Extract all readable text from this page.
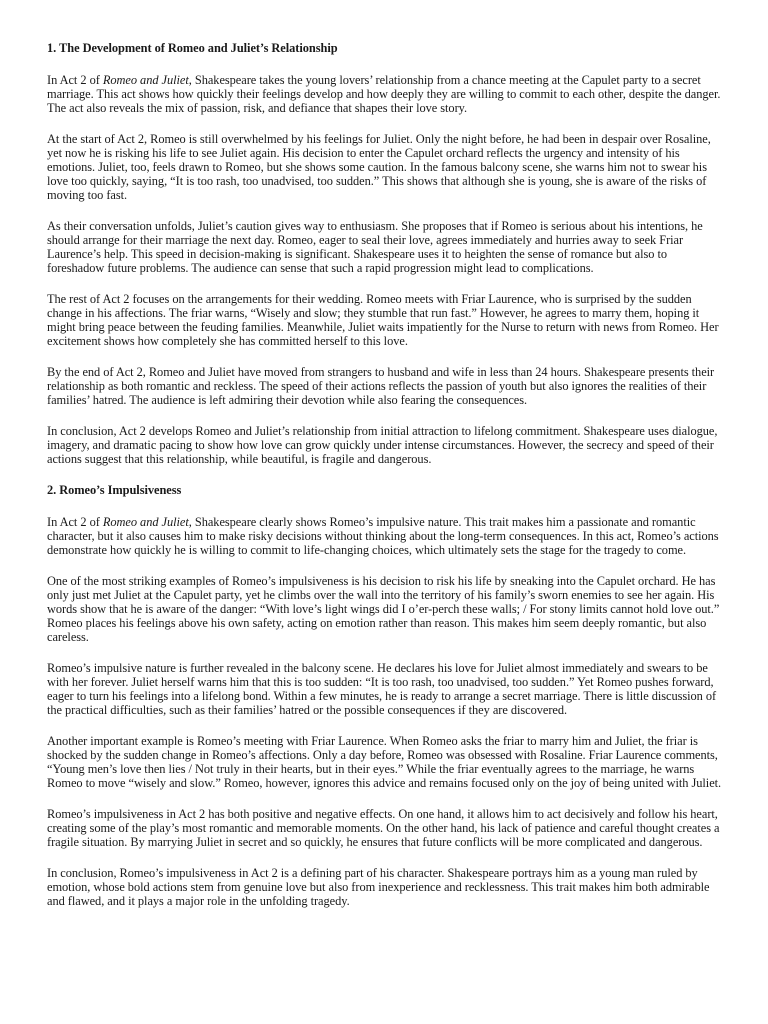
1. The Development of Romeo and Juliet’s Relationship

In Act 2 of Romeo and Juliet, Shakespeare takes the young lovers’ relationship from a chance meeting at the Capulet party to a secret marriage. This act shows how quickly their feelings develop and how deeply they are willing to commit to each other, despite the danger. The act also reveals the mix of passion, risk, and defiance that shapes their love story.

At the start of Act 2, Romeo is still overwhelmed by his feelings for Juliet. Only the night before, he had been in despair over Rosaline, yet now he is risking his life to see Juliet again. His decision to enter the Capulet orchard reflects the urgency and intensity of his emotions. Juliet, too, feels drawn to Romeo, but she shows some caution. In the famous balcony scene, she warns him not to swear his love too quickly, saying, “It is too rash, too unadvised, too sudden.” This shows that although she is young, she is aware of the risks of moving too fast.

As their conversation unfolds, Juliet’s caution gives way to enthusiasm. She proposes that if Romeo is serious about his intentions, he should arrange for their marriage the next day. Romeo, eager to seal their love, agrees immediately and hurries away to seek Friar Laurence’s help. This speed in decision-making is significant. Shakespeare uses it to heighten the sense of romance but also to foreshadow future problems. The audience can sense that such a rapid progression might lead to complications.

The rest of Act 2 focuses on the arrangements for their wedding. Romeo meets with Friar Laurence, who is surprised by the sudden change in his affections. The friar warns, “Wisely and slow; they stumble that run fast.” However, he agrees to marry them, hoping it might bring peace between the feuding families. Meanwhile, Juliet waits impatiently for the Nurse to return with news from Romeo. Her excitement shows how completely she has committed herself to this love.

By the end of Act 2, Romeo and Juliet have moved from strangers to husband and wife in less than 24 hours. Shakespeare presents their relationship as both romantic and reckless. The speed of their actions reflects the passion of youth but also ignores the realities of their families’ hatred. The audience is left admiring their devotion while also fearing the consequences.

In conclusion, Act 2 develops Romeo and Juliet’s relationship from initial attraction to lifelong commitment. Shakespeare uses dialogue, imagery, and dramatic pacing to show how love can grow quickly under intense circumstances. However, the secrecy and speed of their actions suggest that this relationship, while beautiful, is fragile and dangerous.

2. Romeo’s Impulsiveness

In Act 2 of Romeo and Juliet, Shakespeare clearly shows Romeo’s impulsive nature. This trait makes him a passionate and romantic character, but it also causes him to make risky decisions without thinking about the long-term consequences. In this act, Romeo’s actions demonstrate how quickly he is willing to commit to life-changing choices, which ultimately sets the stage for the tragedy to come.

One of the most striking examples of Romeo’s impulsiveness is his decision to risk his life by sneaking into the Capulet orchard. He has only just met Juliet at the Capulet party, yet he climbs over the wall into the territory of his family’s sworn enemies to see her again. His words show that he is aware of the danger: “With love’s light wings did I o’er-perch these walls; / For stony limits cannot hold love out.” Romeo places his feelings above his own safety, acting on emotion rather than reason. This makes him seem deeply romantic, but also careless.

Romeo’s impulsive nature is further revealed in the balcony scene. He declares his love for Juliet almost immediately and swears to be with her forever. Juliet herself warns him that this is too sudden: “It is too rash, too unadvised, too sudden.” Yet Romeo pushes forward, eager to turn his feelings into a lifelong bond. Within a few minutes, he is ready to arrange a secret marriage. There is little discussion of the practical difficulties, such as their families’ hatred or the possible consequences if they are discovered.

Another important example is Romeo’s meeting with Friar Laurence. When Romeo asks the friar to marry him and Juliet, the friar is shocked by the sudden change in Romeo’s affections. Only a day before, Romeo was obsessed with Rosaline. Friar Laurence comments, “Young men’s love then lies / Not truly in their hearts, but in their eyes.” While the friar eventually agrees to the marriage, he warns Romeo to move “wisely and slow.” Romeo, however, ignores this advice and remains focused only on the joy of being united with Juliet.

Romeo’s impulsiveness in Act 2 has both positive and negative effects. On one hand, it allows him to act decisively and follow his heart, creating some of the play’s most romantic and memorable moments. On the other hand, his lack of patience and careful thought creates a fragile situation. By marrying Juliet in secret and so quickly, he ensures that future conflicts will be more complicated and dangerous.

In conclusion, Romeo’s impulsiveness in Act 2 is a defining part of his character. Shakespeare portrays him as a young man ruled by emotion, whose bold actions stem from genuine love but also from inexperience and recklessness. This trait makes him both admirable and flawed, and it plays a major role in the unfolding tragedy.
